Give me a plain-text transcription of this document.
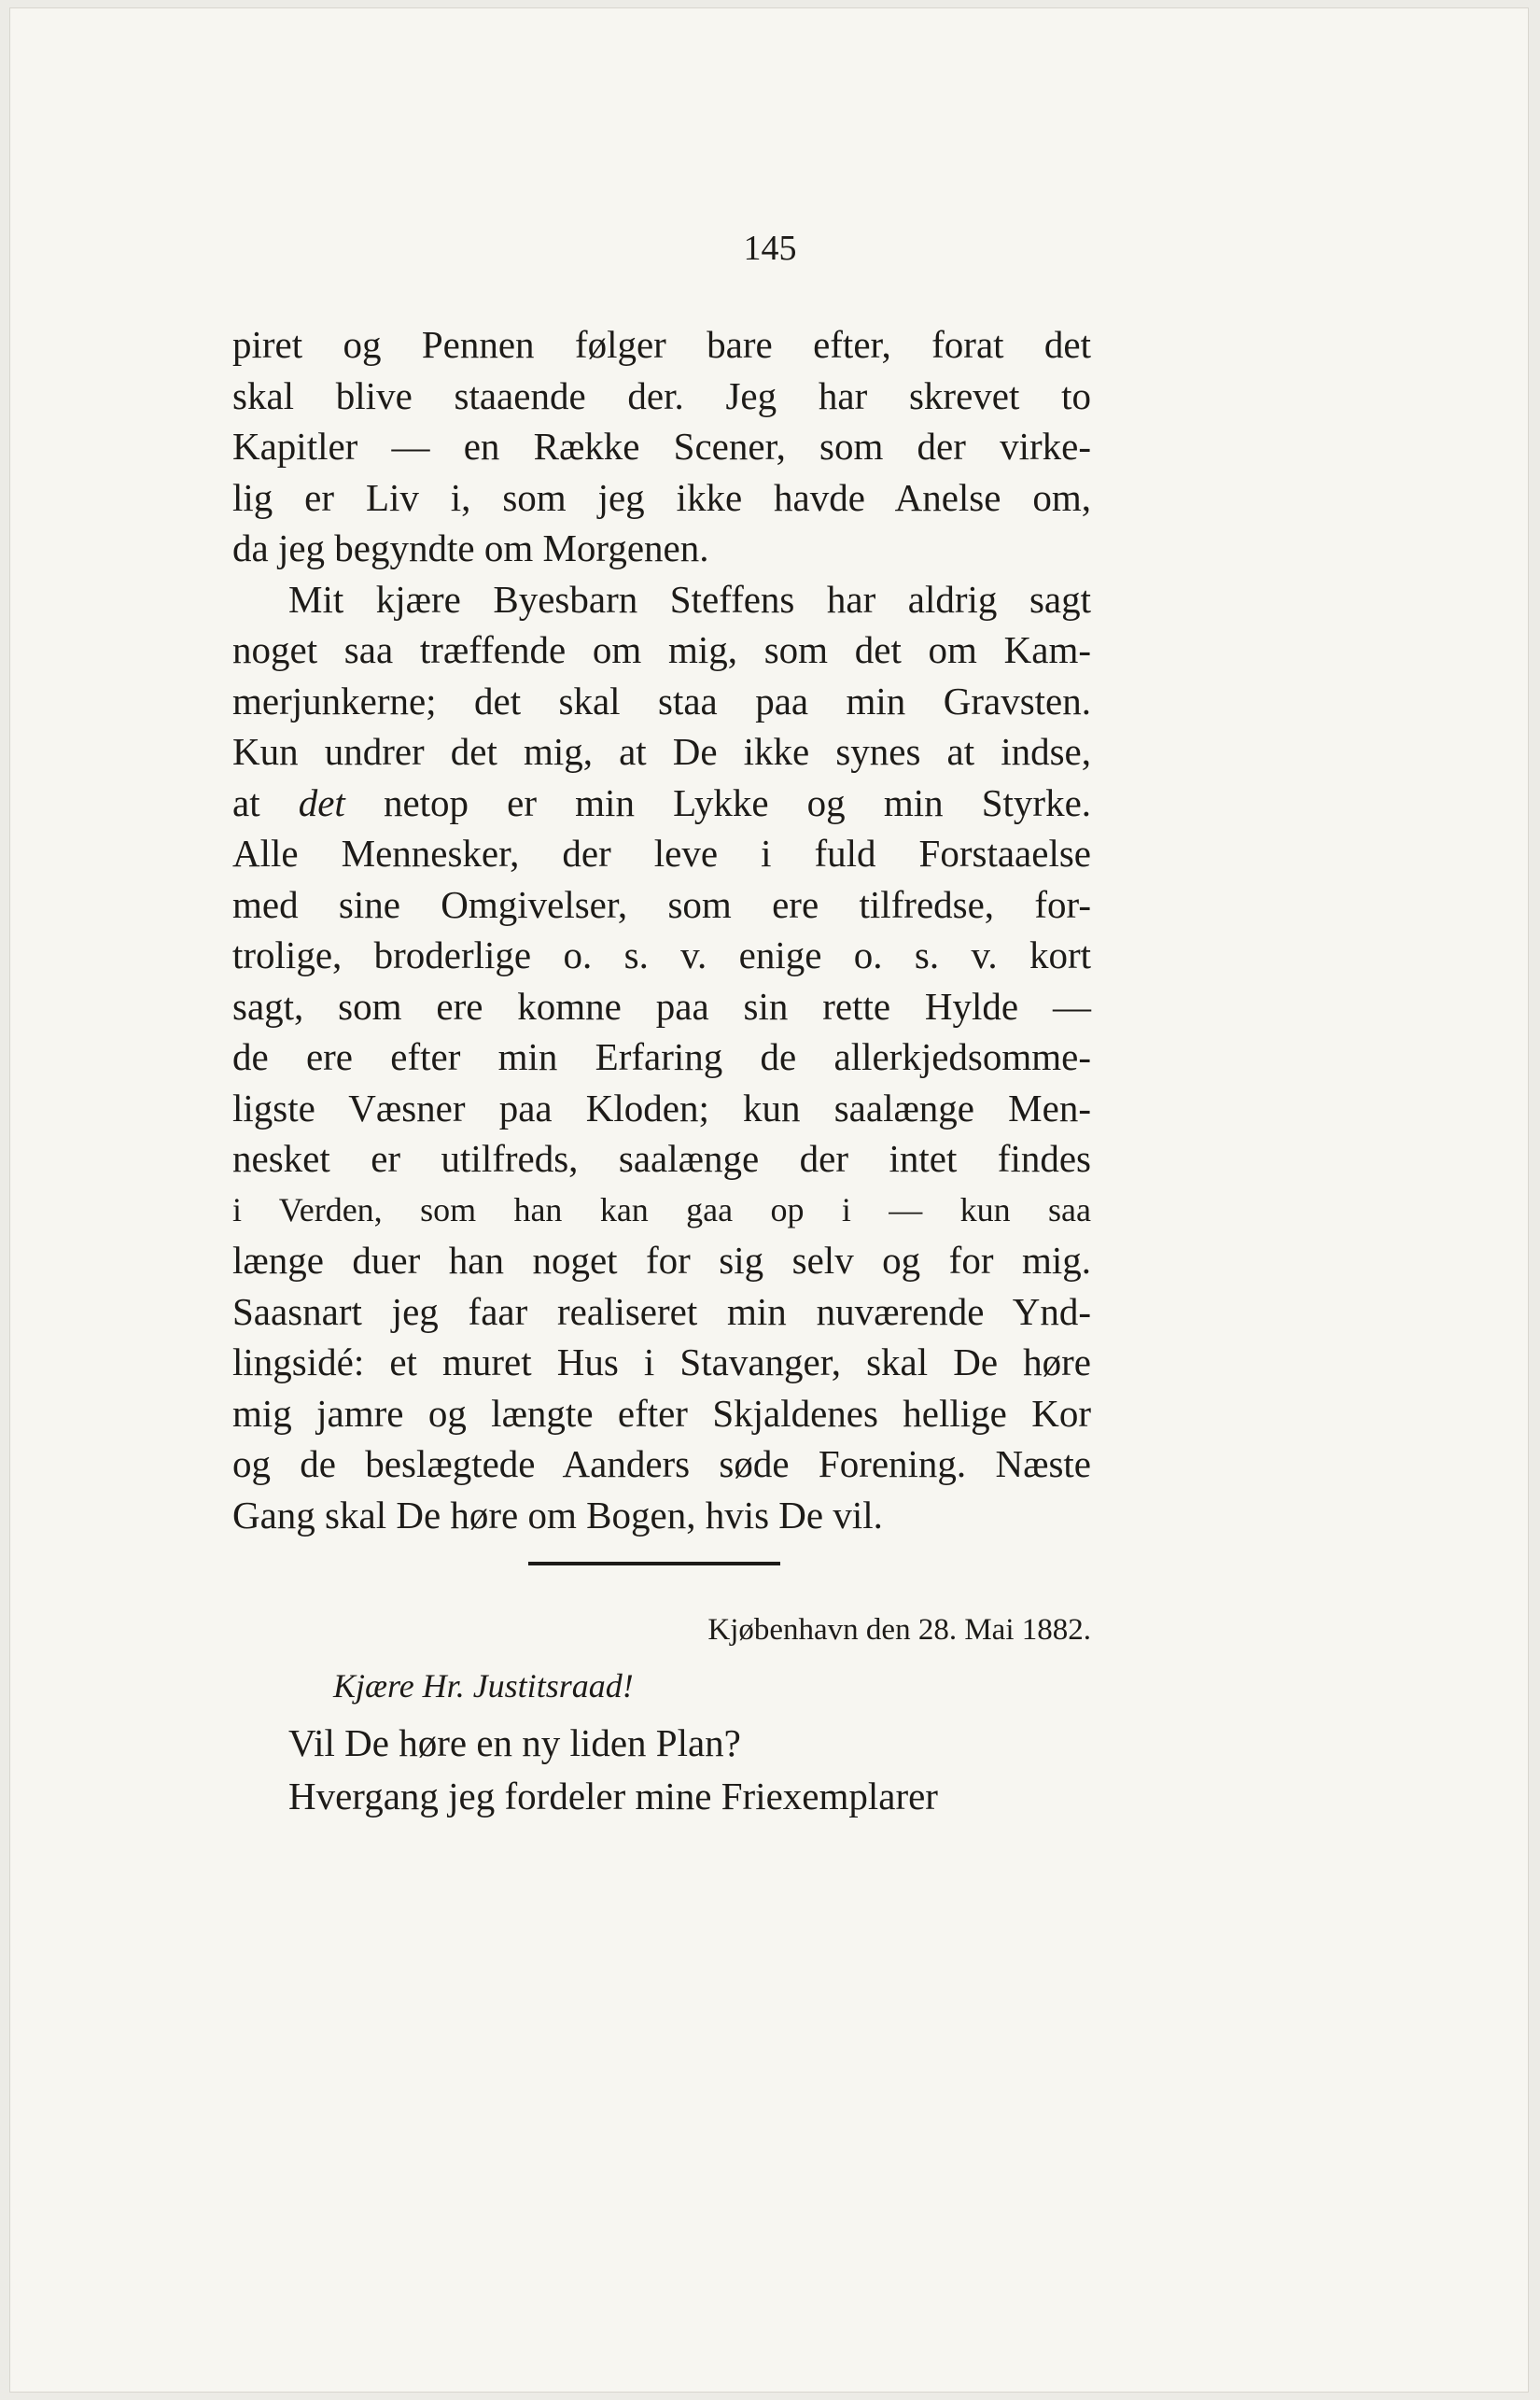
145
piret og Pennen følger bare efter, forat det
skal blive staaende der. Jeg har skrevet to
Kapitler — en Række Scener, som der virke-
lig er Liv i, som jeg ikke havde Anelse om,
da jeg begyndte om Morgenen.
Mit kjære Byesbarn Steffens har aldrig sagt
noget saa træffende om mig, som det om Kam-
merjunkerne; det skal staa paa min Gravsten.
Kun undrer det mig, at De ikke synes at indse,
at det netop er min Lykke og min Styrke.
Alle Mennesker, der leve i fuld Forstaaelse
med sine Omgivelser, som ere tilfredse, for-
trolige, broderlige o. s. v. enige o. s. v. kort
sagt, som ere komne paa sin rette Hylde —
de ere efter min Erfaring de allerkjedsomme-
ligste Væsner paa Kloden; kun saalænge Men-
nesket er utilfreds, saalænge der intet findes
i Verden, som han kan gaa op i — kun saa
længe duer han noget for sig selv og for mig.
Saasnart jeg faar realiseret min nuværende Ynd-
lingsidé: et muret Hus i Stavanger, skal De høre
mig jamre og længte efter Skjaldenes hellige Kor
og de beslægtede Aanders søde Forening. Næste
Gang skal De høre om Bogen, hvis De vil.
Kjøbenhavn den 28. Mai 1882.
Kjære Hr. Justitsraad!
Vil De høre en ny liden Plan?
Hvergang jeg fordeler mine Friexemplarer
